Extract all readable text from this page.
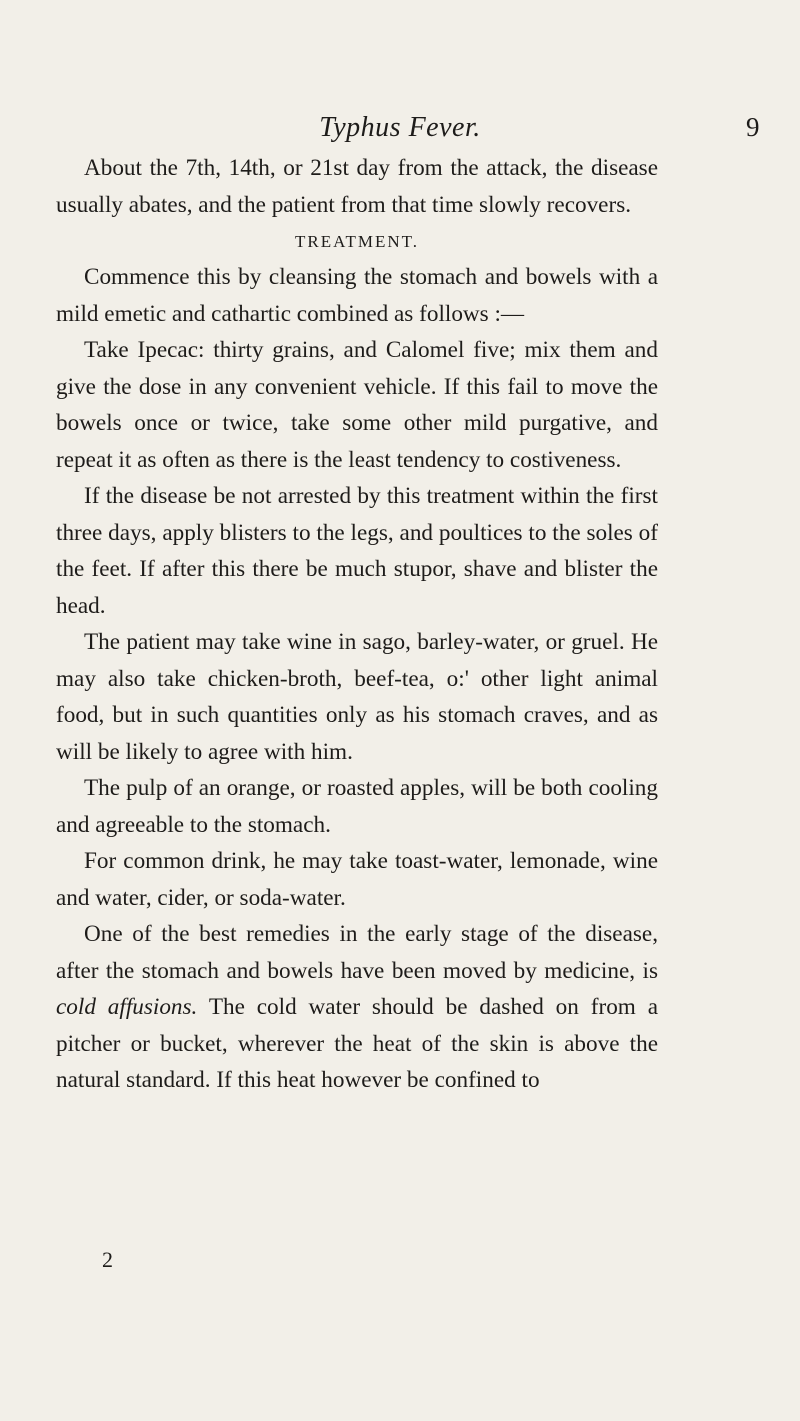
Typhus Fever.	9

About the 7th, 14th, or 21st day from the attack, the disease usually abates, and the patient from that time slowly recovers.

TREATMENT.

Commence this by cleansing the stomach and bowels with a mild emetic and cathartic combined as follows :—

Take Ipecac: thirty grains, and Calomel five; mix them and give the dose in any convenient vehicle. If this fail to move the bowels once or twice, take some other mild purgative, and repeat it as often as there is the least tendency to costiveness.

If the disease be not arrested by this treatment within the first three days, apply blisters to the legs, and poultices to the soles of the feet. If after this there be much stupor, shave and blister the head.

The patient may take wine in sago, barley-water, or gruel. He may also take chicken-broth, beef-tea, o:' other light animal food, but in such quantities only as his stomach craves, and as will be likely to agree with him.

The pulp of an orange, or roasted apples, will be both cooling and agreeable to the stomach.

For common drink, he may take toast-water, lemonade, wine and water, cider, or soda-water.

One of the best remedies in the early stage of the disease, after the stomach and bowels have been moved by medicine, is cold affusions. The cold water should be dashed on from a pitcher or bucket, wherever the heat of the skin is above the natural standard. If this heat however be confined to

2
